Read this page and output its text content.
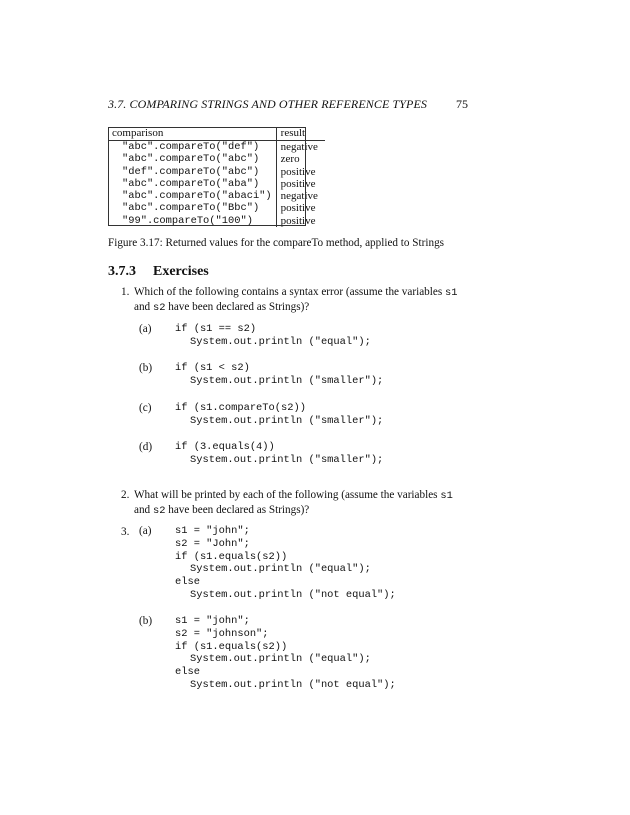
3.7. COMPARING STRINGS AND OTHER REFERENCE TYPES	75
comparison	result
"abc".compareTo("def")	negative
"abc".compareTo("abc")	zero
"def".compareTo("abc")	positive
"abc".compareTo("aba")	positive
"abc".compareTo("abaci")	negative
"abc".compareTo("Bbc")	positive
"99".compareTo("100")	positive
Figure 3.17: Returned values for the compareTo method, applied to Strings
3.7.3 Exercises
1. Which of the following contains a syntax error (assume the variables s1
and s2 have been declared as Strings)?
(a) if (s1 == s2)
System.out.println ("equal");
(b) if (s1 < s2)
System.out.println ("smaller");
(c) if (s1.compareTo(s2))
System.out.println ("smaller");
(d) if (3.equals(4))
System.out.println ("smaller");
2. What will be printed by each of the following (assume the variables s1
and s2 have been declared as Strings)?
3. (a) s1 = "john";
s2 = "John";
if (s1.equals(s2))
System.out.println ("equal");
else
System.out.println ("not equal");
(b) s1 = "john";
s2 = "johnson";
if (s1.equals(s2))
System.out.println ("equal");
else
System.out.println ("not equal");
